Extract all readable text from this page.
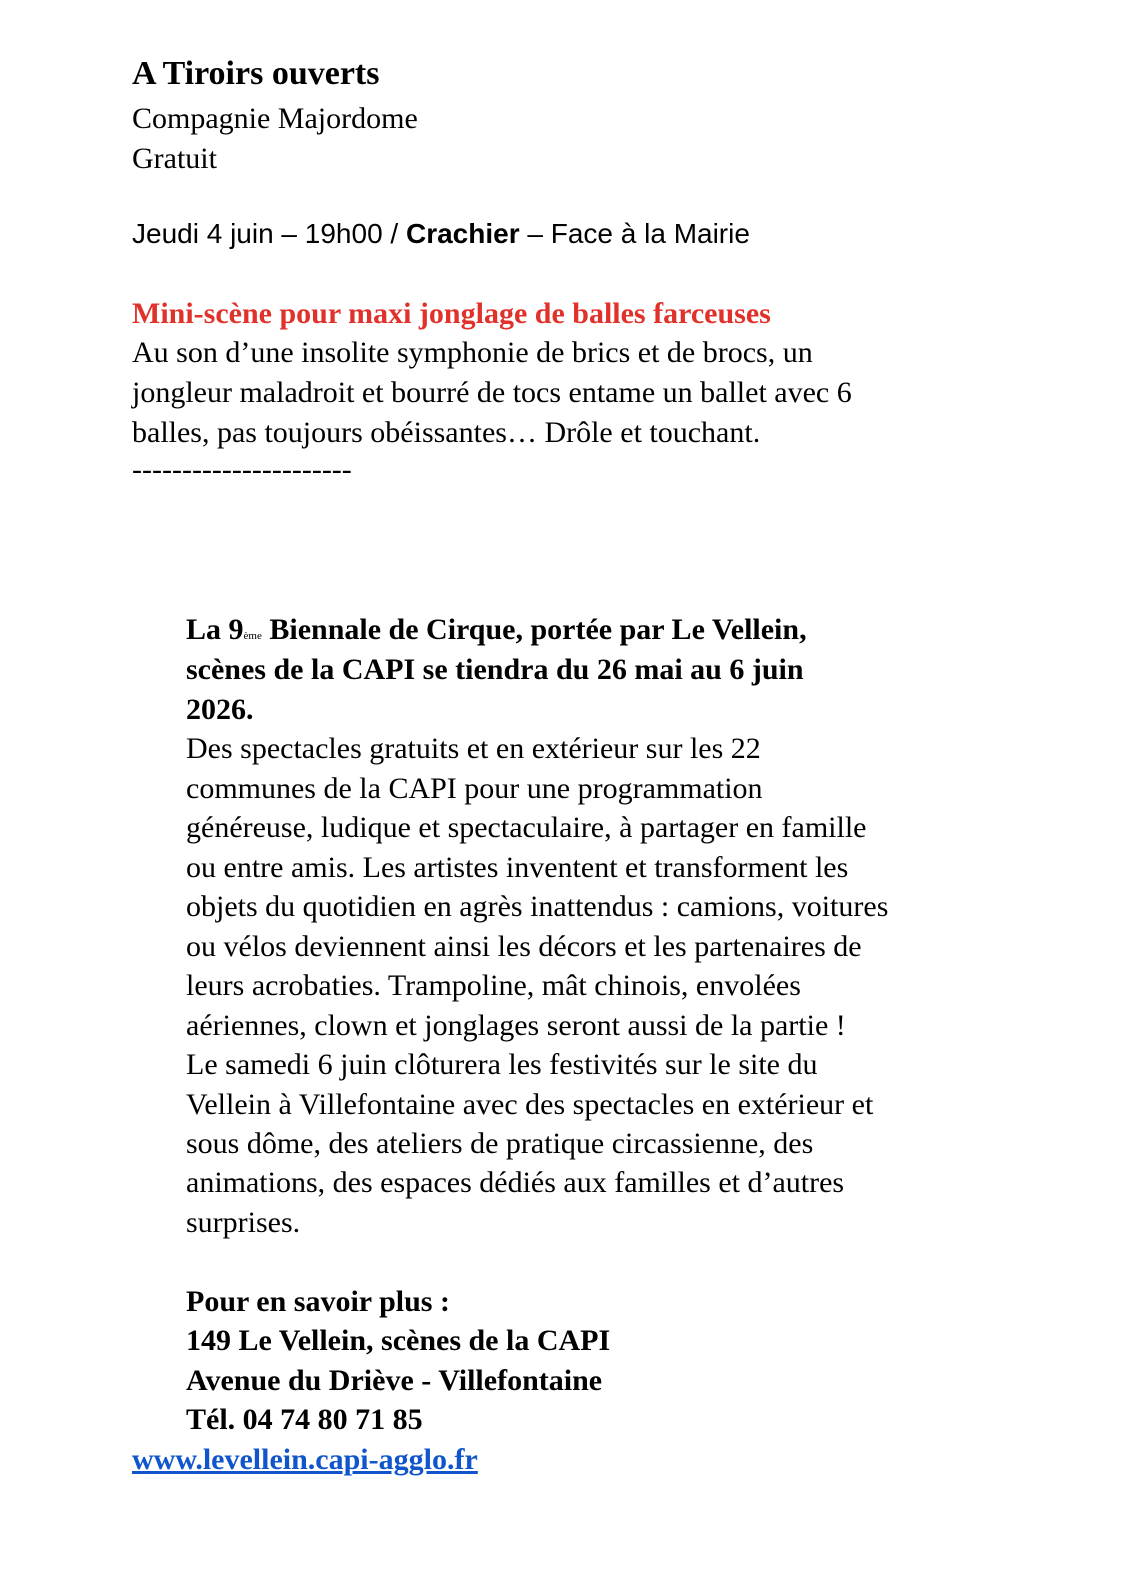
A Tiroirs ouverts
Compagnie Majordome
Gratuit
Jeudi 4 juin – 19h00 / Crachier – Face à la Mairie
Mini-scène pour maxi jonglage de balles farceuses
Au son d’une insolite symphonie de brics et de brocs, un
jongleur maladroit et bourré de tocs entame un ballet avec 6
balles, pas toujours obéissantes… Drôle et touchant.
----------------------
La 9ème Biennale de Cirque, portée par Le Vellein,
scènes de la CAPI se tiendra du 26 mai au 6 juin
2026.
Des spectacles gratuits et en extérieur sur les 22
communes de la CAPI pour une programmation
généreuse, ludique et spectaculaire, à partager en famille
ou entre amis. Les artistes inventent et transforment les
objets du quotidien en agrès inattendus : camions, voitures
ou vélos deviennent ainsi les décors et les partenaires de
leurs acrobaties. Trampoline, mât chinois, envolées
aériennes, clown et jonglages seront aussi de la partie !
Le samedi 6 juin clôturera les festivités sur le site du
Vellein à Villefontaine avec des spectacles en extérieur et
sous dôme, des ateliers de pratique circassienne, des
animations, des espaces dédiés aux familles et d’autres
surprises.
Pour en savoir plus :
149 Le Vellein, scènes de la CAPI
Avenue du Driève - Villefontaine
Tél. 04 74 80 71 85
www.levellein.capi-agglo.fr
